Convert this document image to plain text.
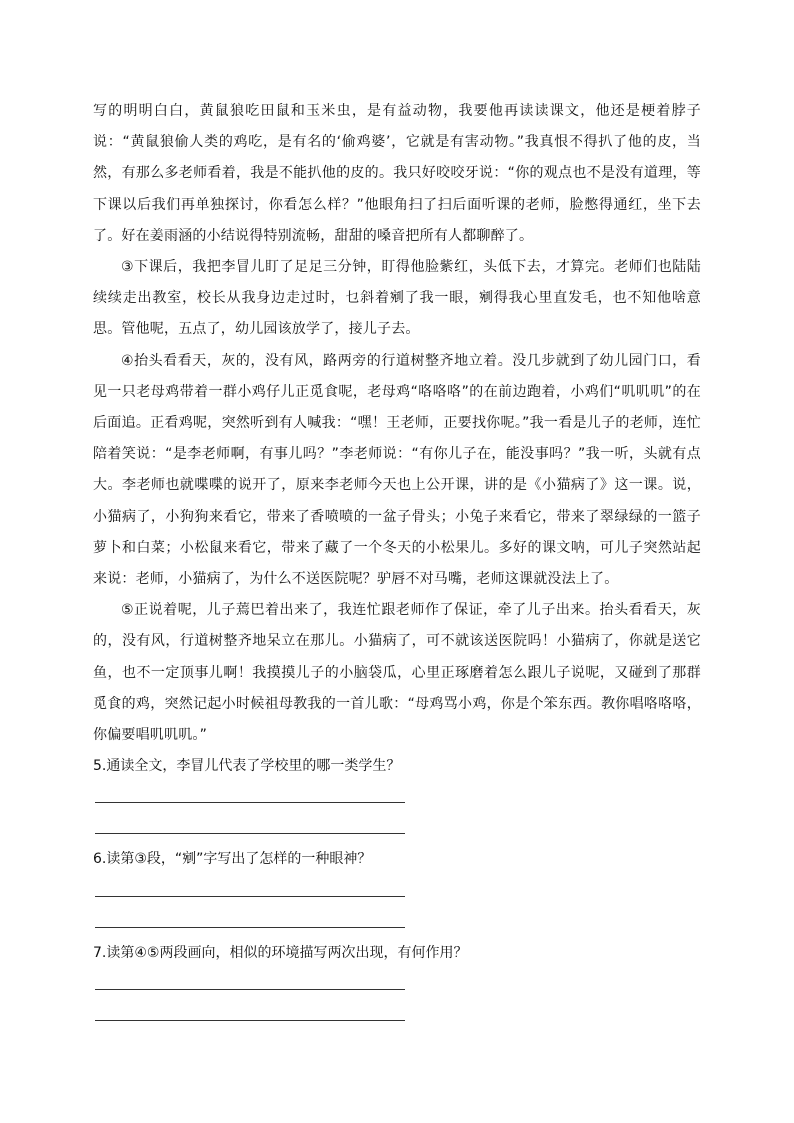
写的明明白白，黄鼠狼吃田鼠和玉米虫，是有益动物，我要他再读读课文，他还是梗着脖子说：“黄鼠狼偷人类的鸡吃，是有名的‘偷鸡婆’，它就是有害动物。”我真恨不得扒了他的皮，当然，有那么多老师看着，我是不能扒他的皮的。我只好咬咬牙说：“你的观点也不是没有道理，等下课以后我们再单独探讨，你看怎么样？”他眼角扫了扫后面听课的老师，脸憋得通红，坐下去了。好在姜雨涵的小结说得特别流畅，甜甜的嗓音把所有人都聊醉了。

③下课后，我把李冒儿盯了足足三分钟，盯得他脸紫红，头低下去，才算完。老师们也陆陆续续走出教室，校长从我身边走过时，乜斜着剜了我一眼，剜得我心里直发毛，也不知他啥意思。管他呢，五点了，幼儿园该放学了，接儿子去。

④抬头看看天，灰的，没有风，路两旁的行道树整齐地立着。没几步就到了幼儿园门口，看见一只老母鸡带着一群小鸡仔儿正觅食呢，老母鸡“咯咯咯”的在前边跑着，小鸡们“叽叽叽”的在后面追。正看鸡呢，突然听到有人喊我：“嘿！王老师，正要找你呢。”我一看是儿子的老师，连忙陪着笑说：“是李老师啊，有事儿吗？”李老师说：“有你儿子在，能没事吗？”我一听，头就有点大。李老师也就喋喋的说开了，原来李老师今天也上公开课，讲的是《小猫病了》这一课。说，小猫病了，小狗狗来看它，带来了香喷喷的一盆子骨头；小兔子来看它，带来了翠绿绿的一篮子萝卜和白菜；小松鼠来看它，带来了藏了一个冬天的小松果儿。多好的课文呐，可儿子突然站起来说：老师，小猫病了，为什么不送医院呢？驴唇不对马嘴，老师这课就没法上了。

⑤正说着呢，儿子蔫巴着出来了，我连忙跟老师作了保证，牵了儿子出来。抬头看看天，灰的，没有风，行道树整齐地呆立在那儿。小猫病了，可不就该送医院吗！小猫病了，你就是送它鱼，也不一定顶事儿啊！我摸摸儿子的小脑袋瓜，心里正琢磨着怎么跟儿子说呢，又碰到了那群觅食的鸡，突然记起小时候祖母教我的一首儿歌：“母鸡骂小鸡，你是个笨东西。教你唱咯咯咯，你偏要唱叽叽叽。”

5.通读全文，李冒儿代表了学校里的哪一类学生？

6.读第③段，“剜”字写出了怎样的一种眼神？

7.读第④⑤两段画向，相似的环境描写两次出现，有何作用？
